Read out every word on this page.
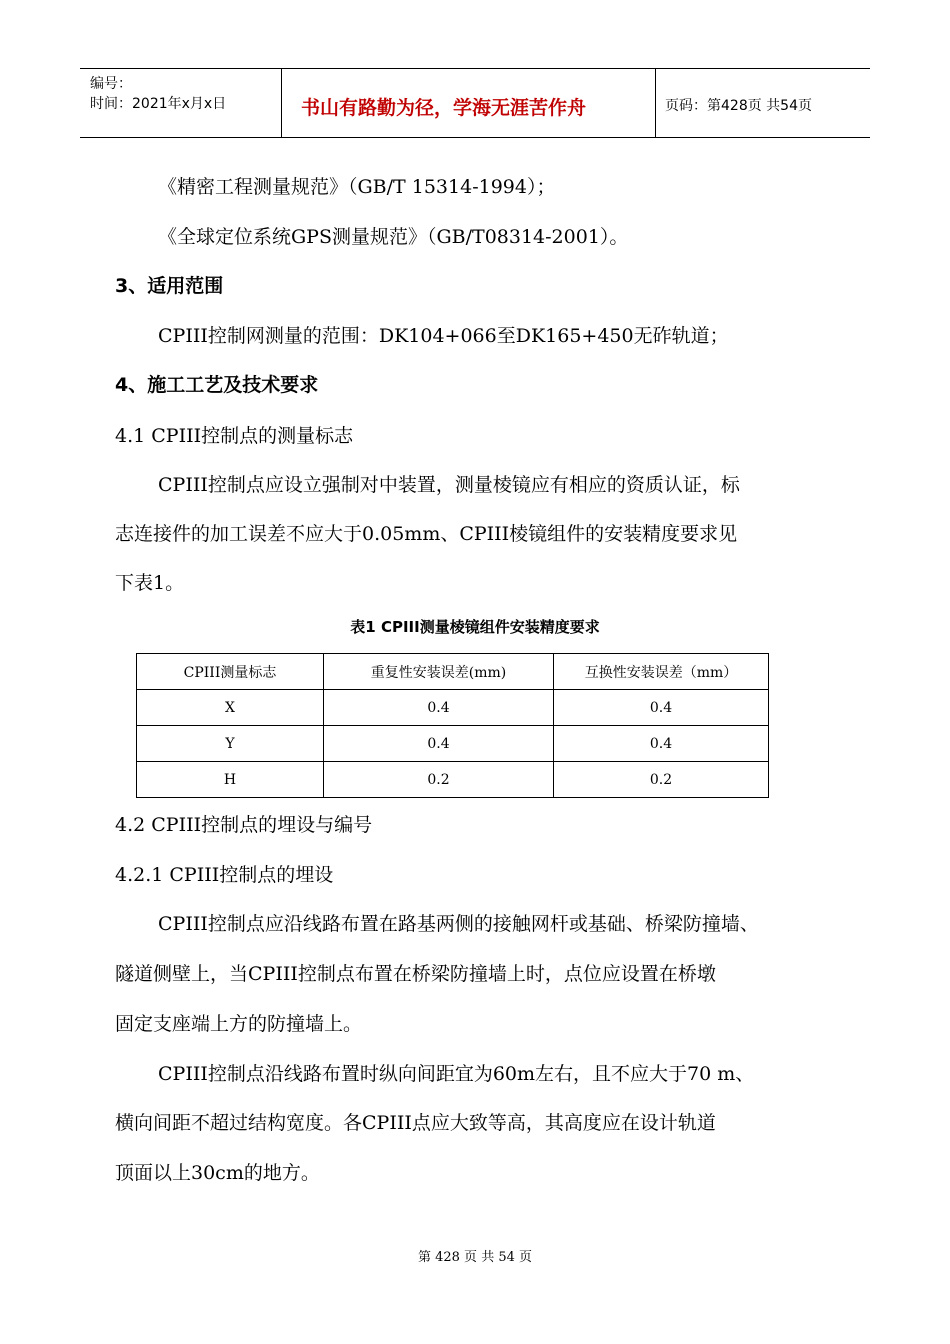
编号：
时间：2021年x月x日	书山有路勤为径，学海无涯苦作舟	页码：第428页 共54页
《精密工程测量规范》（GB/T 15314-1994）；
《全球定位系统GPS测量规范》（GB/T08314-2001）。
3、适用范围
CPIII控制网测量的范围：DK104+066至DK165+450无砟轨道；
4、施工工艺及技术要求
4.1 CPIII控制点的测量标志
CPIII控制点应设立强制对中装置，测量棱镜应有相应的资质认证，标
志连接件的加工误差不应大于0.05mm、CPIII棱镜组件的安装精度要求见
下表1。
表1 CPIII测量棱镜组件安装精度要求
CPIII测量标志	重复性安装误差(mm)	互换性安装误差（mm）
X	0.4	0.4
Y	0.4	0.4
H	0.2	0.2
4.2 CPIII控制点的埋设与编号
4.2.1 CPIII控制点的埋设
CPIII控制点应沿线路布置在路基两侧的接触网杆或基础、桥梁防撞墙、
隧道侧壁上，当CPIII控制点布置在桥梁防撞墙上时，点位应设置在桥墩
固定支座端上方的防撞墙上。
CPIII控制点沿线路布置时纵向间距宜为60m左右，且不应大于70 m、
横向间距不超过结构宽度。各CPIII点应大致等高，其高度应在设计轨道
顶面以上30cm的地方。
第 428 页 共 54 页
